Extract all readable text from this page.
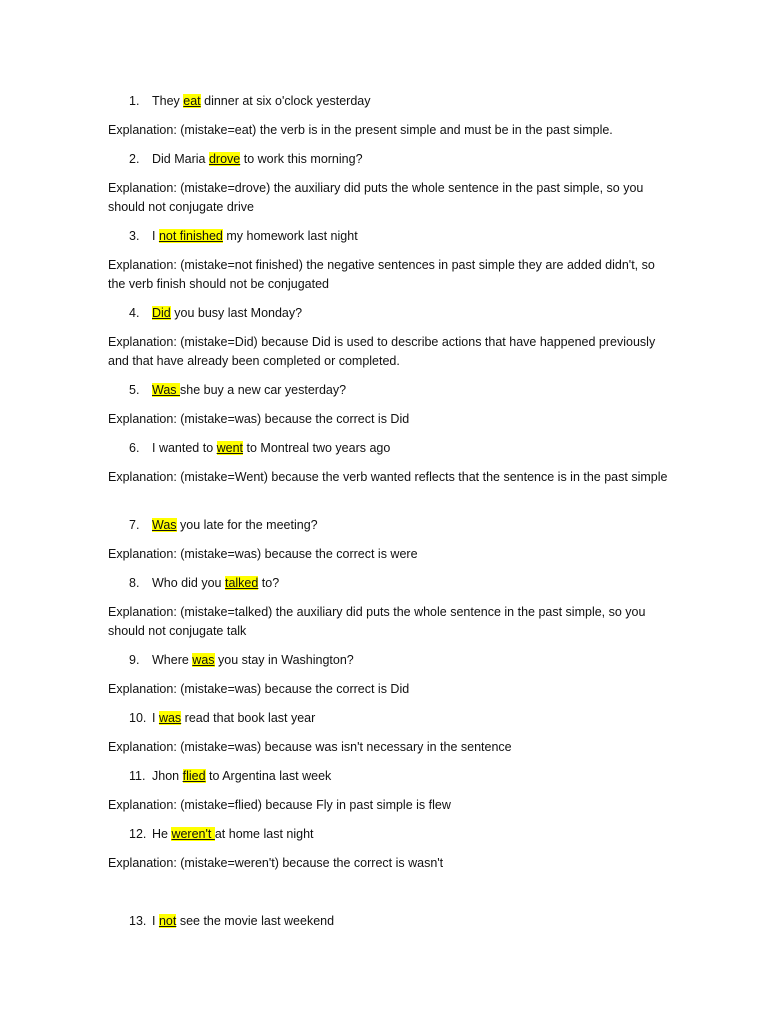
1. They eat dinner at six o'clock yesterday
Explanation: (mistake=eat) the verb is in the present simple and must be in the past simple.
2. Did Maria drove to work this morning?
Explanation: (mistake=drove) the auxiliary did puts the whole sentence in the past simple, so you should not conjugate drive
3. I not finished my homework last night
Explanation: (mistake=not finished) the negative sentences in past simple they are added didn't, so the verb finish should not be conjugated
4. Did you busy last Monday?
Explanation: (mistake=Did) because Did is used to describe actions that have happened previously and that have already been completed or completed.
5. Was she buy a new car yesterday?
Explanation: (mistake=was) because the correct is Did
6. I wanted to went to Montreal two years ago
Explanation: (mistake=Went) because the verb wanted reflects that the sentence is in the past simple
7. Was you late for the meeting?
Explanation: (mistake=was) because the correct is were
8. Who did you talked to?
Explanation: (mistake=talked) the auxiliary did puts the whole sentence in the past simple, so you should not conjugate talk
9. Where was you stay in Washington?
Explanation: (mistake=was) because the correct is Did
10. I was read that book last year
Explanation: (mistake=was) because was isn't necessary in the sentence
11. Jhon flied to Argentina last week
Explanation: (mistake=flied) because Fly in past simple is flew
12. He weren't at home last night
Explanation: (mistake=weren't) because the correct is wasn't
13. I not see the movie last weekend
